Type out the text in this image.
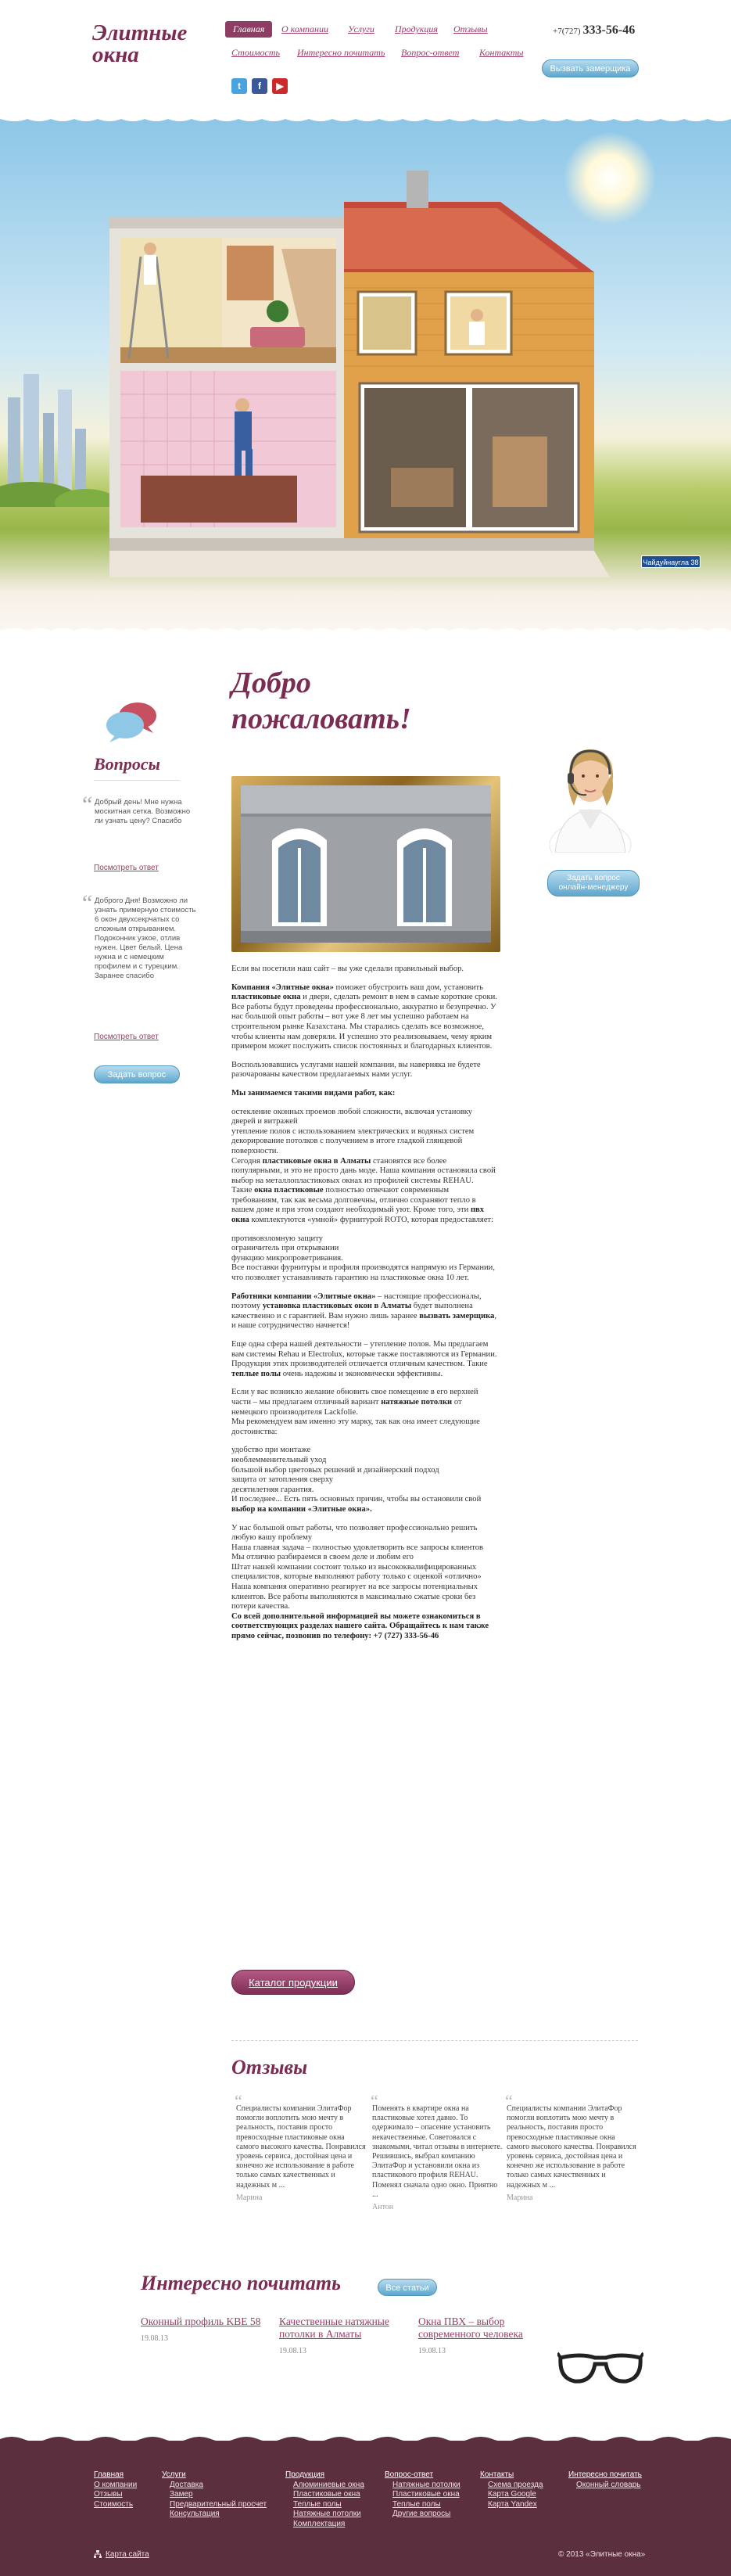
Элитные
окна
Главная	О компании Услуги Продукция Отзывы
Стоимость Интересно почитать Вопрос-ответ Контакты
t	f	▶
+7(727) 333-56-46
Вызвать замерщика
Чайдуйнаугла 38
Вопросы
“ Добрый день! Мне нужна москитная сетка. Возможно ли узнать цену? Спасибо
Посмотреть ответ
“ Доброго Дня! Возможно ли узнать примерную стоимость 6 окон двухсекрчатых со сложным открыванием. Подоконник узкое, отлив нужен. Цвет белый. Цена нужна и с немецким профилем и с турецким. Заранее спасибо
Посмотреть ответ
Задать вопрос
Добро
пожаловать!

Если вы посетили наш сайт – вы уже сделали правильный выбор.

Компания «Элитные окна» поможет обустроить ваш дом, установить пластиковые окна и двери, сделать ремонт в нем в самые короткие сроки. Все работы будут проведены профессионально, аккуратно и безупречно. У нас большой опыт работы – вот уже 8 лет мы успешно работаем на строительном рынке Казахстана. Мы старались сделать все возможное, чтобы клиенты нам доверяли. И успешно это реализовываем, чему ярким примером может послужить список постоянных и благодарных клиентов.

Воспользовавшись услугами нашей компании, вы наверняка не будете разочарованы качеством предлагаемых нами услуг.

Мы занимаемся такими видами работ, как:

остекление оконных проемов любой сложности, включая установку дверей и витражей
утепление полов с использованием электрических и водяных систем
декорирование потолков с получением в итоге гладкой глянцевой поверхности.
Сегодня пластиковые окна в Алматы становятся все более популярными, и это не просто дань моде. Наша компания остановила свой выбор на металлопластиковых окнах из профилей системы REHAU.
Такие окна пластиковые полностью отвечают современным требованиям, так как весьма долговечны, отлично сохраняют тепло в вашем доме и при этом создают необходимый уют. Кроме того, эти пвх окна комплектуются «умной» фурнитурой ROTO, которая предоставляет:

противовзломную защиту
ограничитель при открывании
функцию микропроветривания.
Все поставки фурнитуры и профиля производятся напрямую из Германии, что позволяет устанавливать гарантию на пластиковые окна 10 лет.

Работники компании «Элитные окна» – настоящие профессионалы, поэтому установка пластиковых окон в Алматы будет выполнена качественно и с гарантией. Вам нужно лишь заранее вызвать замерщика, и наше сотрудничество начнется!

Еще одна сфера нашей деятельности – утепление полов. Мы предлагаем вам системы Rehau и Electrolux, которые также поставляются из Германии. Продукция этих производителей отличается отличным качеством. Такие теплые полы очень надежны и экономически эффективны.

Если у вас возникло желание обновить свое помещение в его верхней части – мы предлагаем отличный вариант натяжные потолки от немецкого производителя Lackfolie.
Мы рекомендуем вам именно эту марку, так как она имеет следующие достоинства:

удобство при монтаже
необлемменительный уход
большой выбор цветовых решений и дизайнерский подход
защита от затопления сверху
десятилетняя гарантия.
И последнее... Есть пять основных причин, чтобы вы остановили свой выбор на компании «Элитные окна».

У нас большой опыт работы, что позволяет профессионально решить любую вашу проблему
Наша главная задача – полностью удовлетворить все запросы клиентов
Мы отлично разбираемся в своем деле и любим его
Штат нашей компании состоит только из высококвалифицированных специалистов, которые выполняют работу только с оценкой «отлично»
Наша компания оперативно реагирует на все запросы потенциальных клиентов. Все работы выполняются в максимально сжатые сроки без потери качества.
Со всей дополнительной информацией вы можете ознакомиться в соответствующих разделах нашего сайта. Обращайтесь к нам также прямо сейчас, позвонив по телефону: +7 (727) 333-56-46

Каталог продукции
Задать вопрос
онлайн-менеджеру
Отзывы
“
Специалисты компании ЭлитаФор помогли воплотить мою мечту в реальность, поставив просто превосходные пластиковые окна самого высокого качества. Понравился уровень сервиса, достойная цена и конечно же использование в работе только самых качественных и надежных м ...
Марина
“
Поменять в квартире окна на пластиковые хотел давно. То одержимало – опасение установить некачественные. Советовался с знакомыми, читал отзывы в интернете. Решившись, выбрал компанию ЭлитаФор и установили окна из пластикового профиля REHAU. Поменял сначала одно окно. Приятно ...
Антон
“
Специалисты компании ЭлитаФор помогли воплотить мою мечту в реальность, поставив просто превосходные пластиковые окна самого высокого качества. Понравился уровень сервиса, достойная цена и конечно же использование в работе только самых качественных и надежных м ...
Марина
Интересно почитать	Все статьи
Оконный профиль KBE 58
19.08.13
Качественные натяжные потолки в Алматы
19.08.13
Окна ПВХ – выбор современного человека
19.08.13
Главная
О компании
Отзывы
Стоимость
Услуги
Доставка
Замер
Предварительный просчет
Консультация
Продукция
Алюминиевые окна
Пластиковые окна
Теплые полы
Натяжные потолки
Комплектация
Вопрос-ответ
Натяжные потолки
Пластиковые окна
Теплые полы
Другие вопросы
Контакты
Схема проезда
Карта Google
Карта Yandex
Интересно почитать
Оконный словарь
Карта сайта	© 2013 «Элитные окна»
